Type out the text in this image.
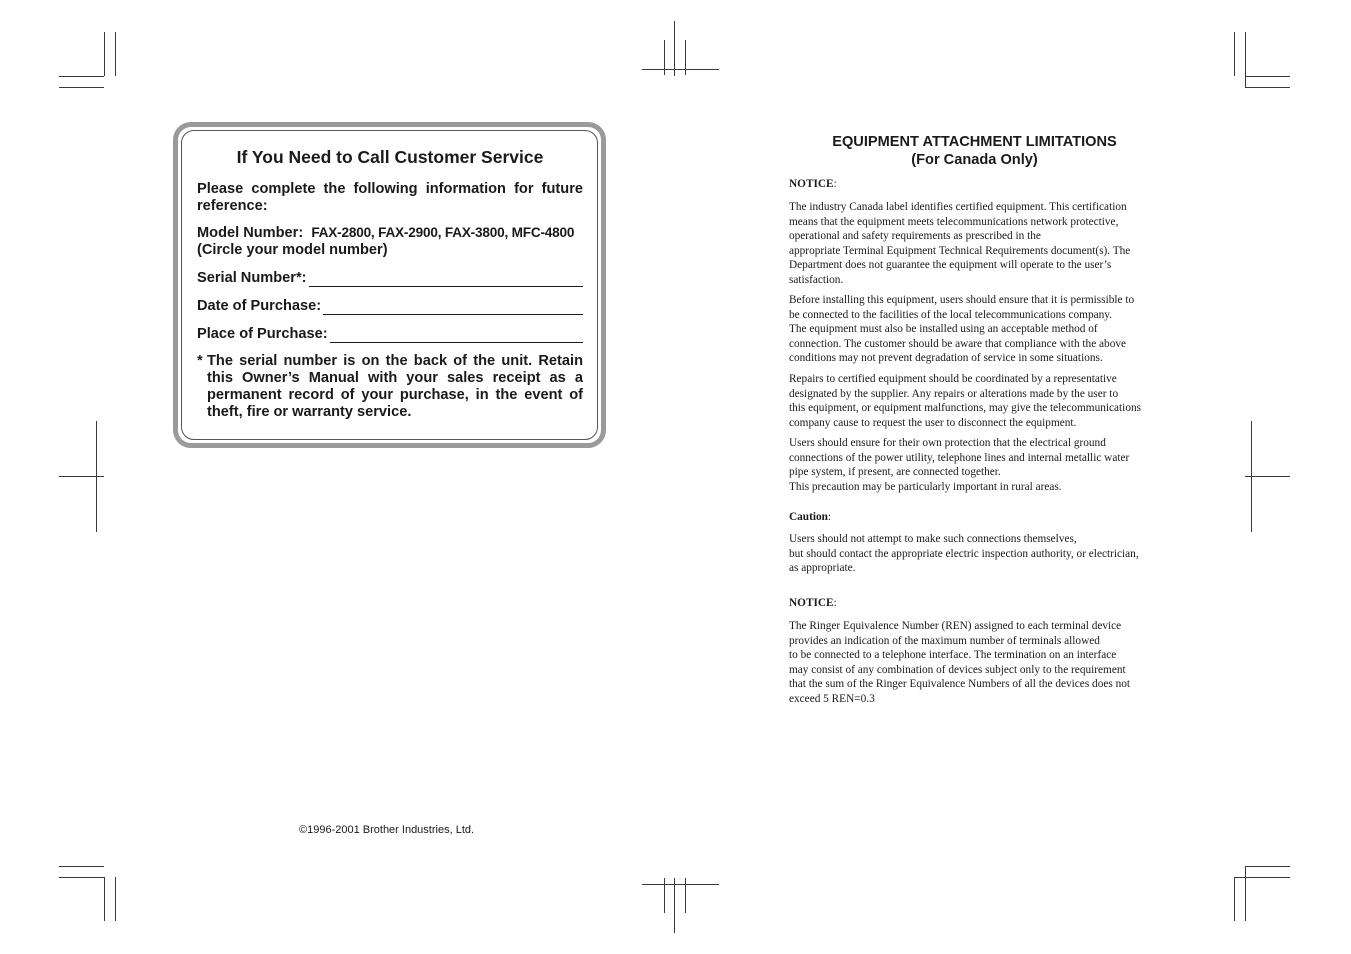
If You Need to Call Customer Service

Please complete the following information for future reference:

Model Number: FAX-2800, FAX-2900, FAX-3800, MFC-4800
(Circle your model number)

Serial Number*:
Date of Purchase:
Place of Purchase:
* The serial number is on the back of the unit. Retain this Owner’s Manual with your sales receipt as a permanent record of your purchase, in the event of theft, fire or warranty service.
©1996-2001 Brother Industries, Ltd.
EQUIPMENT ATTACHMENT LIMITATIONS
(For Canada Only)

NOTICE:

The industry Canada label identifies certified equipment. This certification
means that the equipment meets telecommunications network protective,
operational and safety requirements as prescribed in the
appropriate Terminal Equipment Technical Requirements document(s). The
Department does not guarantee the equipment will operate to the user’s
satisfaction.

Before installing this equipment, users should ensure that it is permissible to
be connected to the facilities of the local telecommunications company.
The equipment must also be installed using an acceptable method of
connection. The customer should be aware that compliance with the above
conditions may not prevent degradation of service in some situations.

Repairs to certified equipment should be coordinated by a representative
designated by the supplier. Any repairs or alterations made by the user to
this equipment, or equipment malfunctions, may give the telecommunications
company cause to request the user to disconnect the equipment.

Users should ensure for their own protection that the electrical ground
connections of the power utility, telephone lines and internal metallic water
pipe system, if present, are connected together.
This precaution may be particularly important in rural areas.

Caution:

Users should not attempt to make such connections themselves,
but should contact the appropriate electric inspection authority, or electrician,
as appropriate.

NOTICE:

The Ringer Equivalence Number (REN) assigned to each terminal device
provides an indication of the maximum number of terminals allowed
to be connected to a telephone interface. The termination on an interface
may consist of any combination of devices subject only to the requirement
that the sum of the Ringer Equivalence Numbers of all the devices does not
exceed 5 REN=0.3
